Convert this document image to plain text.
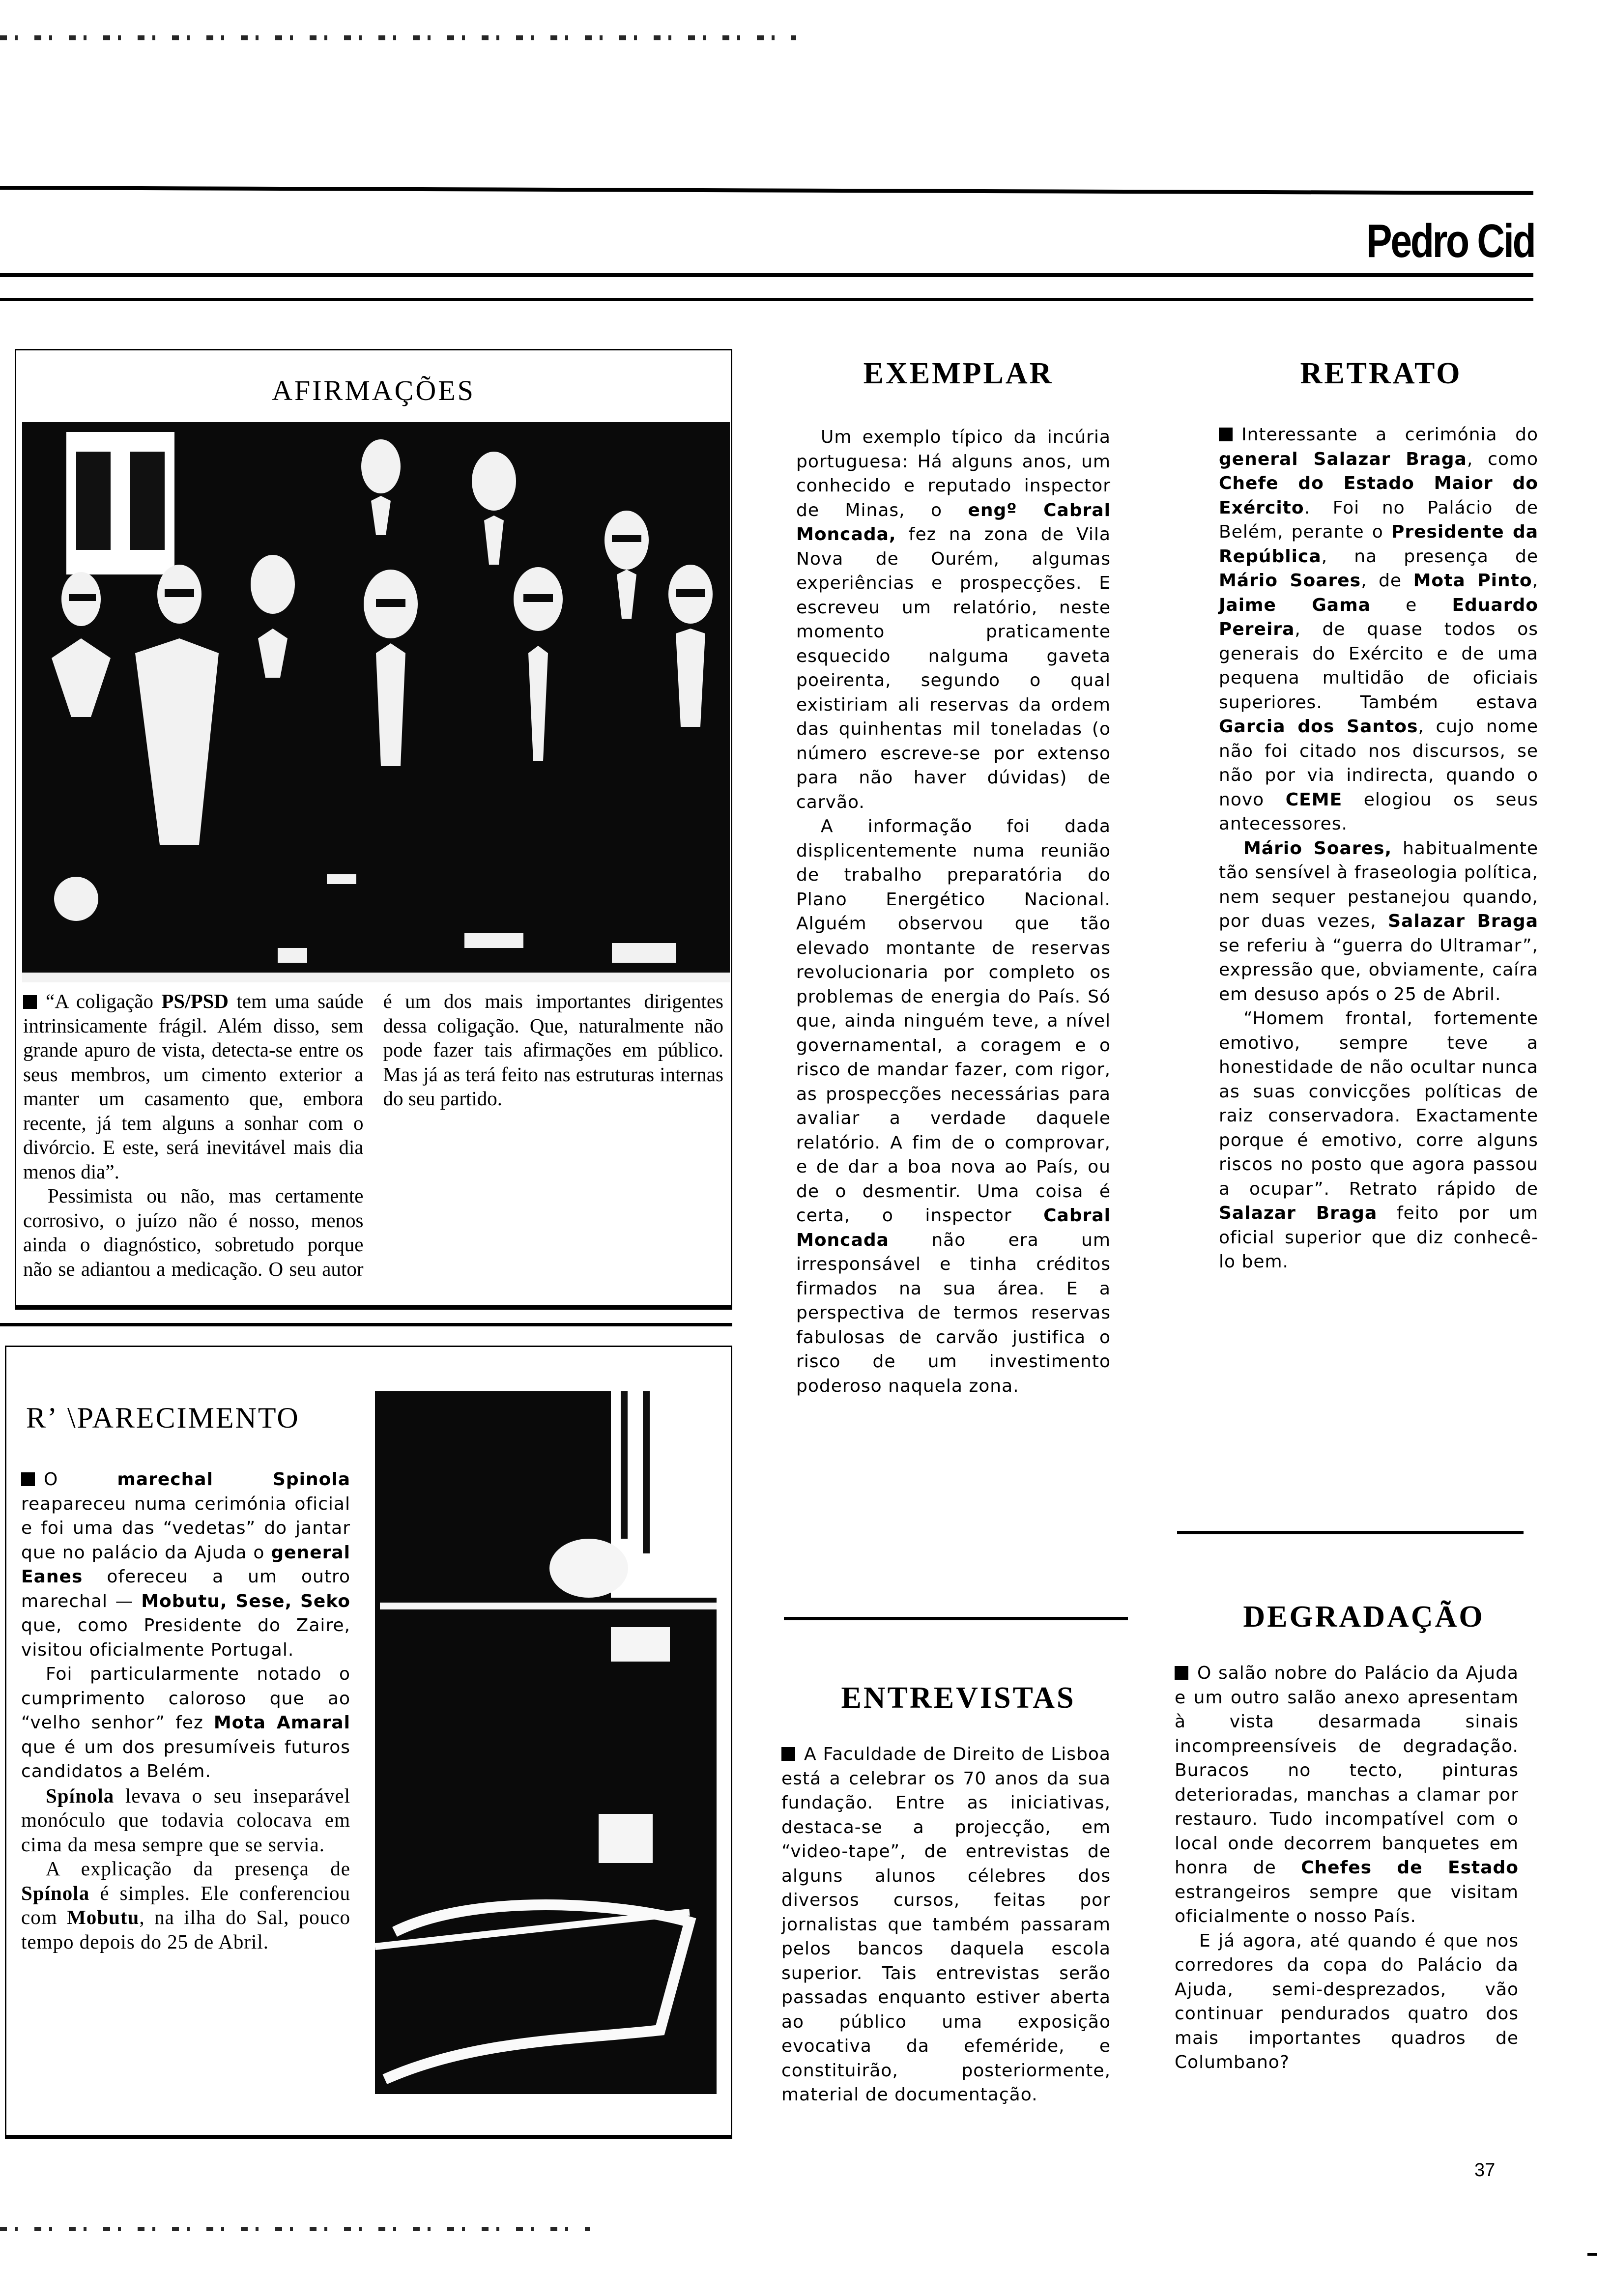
Pedro Cid
AFIRMAÇÕES

“A coligação PS/PSD tem uma saúde intrinsicamente frágil. Além disso, sem grande apuro de vista, detecta-se entre os seus membros, um cimento exterior a manter um casamento que, embora recente, já tem alguns a sonhar com o divórcio. E este, será inevitável mais dia menos dia”.

Pessimista ou não, mas certamente corrosivo, o juízo não é nosso, menos ainda o diagnóstico, sobretudo porque não se adiantou a medicação. O seu autor é um dos mais importantes dirigentes dessa coligação. Que, naturalmente não pode fazer tais afirmações em público. Mas já as terá feito nas estruturas internas do seu partido.

Rʼ \PARECIMENTO

O marechal Spinola reapareceu numa cerimónia oficial e foi uma das “vedetas” do jantar que no palácio da Ajuda o general Eanes ofereceu a um outro marechal — Mobutu, Sese, Seko que, como Presidente do Zaire, visitou oficialmente Portugal.

Foi particularmente notado o cumprimento caloroso que ao “velho senhor” fez Mota Amaral que é um dos presumíveis futuros candidatos a Belém.

Spínola levava o seu inseparável monóculo que todavia colocava em cima da mesa sempre que se servia.

A explicação da presença de Spínola é simples. Ele conferenciou com Mobutu, na ilha do Sal, pouco tempo depois do 25 de Abril.

EXEMPLAR

Um exemplo típico da incúria portuguesa: Há alguns anos, um conhecido e reputado inspector de Minas, o engº Cabral Moncada, fez na zona de Vila Nova de Ourém, algumas experiências e prospecções. E escreveu um relatório, neste momento praticamente esquecido nalguma gaveta poeirenta, segundo o qual existiriam ali reservas da ordem das quinhentas mil toneladas (o número escreve-se por extenso para não haver dúvidas) de carvão.

A informação foi dada displicentemente numa reunião de trabalho preparatória do Plano Energético Nacional. Alguém observou que tão elevado montante de reservas revolucionaria por completo os problemas de energia do País. Só que, ainda ninguém teve, a nível governamental, a coragem e o risco de mandar fazer, com rigor, as prospecções necessárias para avaliar a verdade daquele relatório. A fim de o comprovar, e de dar a boa nova ao País, ou de o desmentir. Uma coisa é certa, o inspector Cabral Moncada não era um irresponsável e tinha créditos firmados na sua área. E a perspectiva de termos reservas fabulosas de carvão justifica o risco de um investimento poderoso naquela zona.

ENTREVISTAS

A Faculdade de Direito de Lisboa está a celebrar os 70 anos da sua fundação. Entre as iniciativas, destaca-se a projecção, em “video-tape”, de entrevistas de alguns alunos célebres dos diversos cursos, feitas por jornalistas que também passaram pelos bancos daquela escola superior. Tais entrevistas serão passadas enquanto estiver aberta ao público uma exposição evocativa da efeméride, e constituirão, posteriormente, material de documentação.

RETRATO

Interessante a cerimónia do general Salazar Braga, como Chefe do Estado Maior do Exército. Foi no Palácio de Belém, perante o Presidente da República, na presença de Mário Soares, de Mota Pinto, Jaime Gama e Eduardo Pereira, de quase todos os generais do Exército e de uma pequena multidão de oficiais superiores. Também estava Garcia dos Santos, cujo nome não foi citado nos discursos, se não por via indirecta, quando o novo CEME elogiou os seus antecessores.

Mário Soares, habitualmente tão sensível à fraseologia política, nem sequer pestanejou quando, por duas vezes, Salazar Braga se referiu à “guerra do Ultramar”, expressão que, obviamente, caíra em desuso após o 25 de Abril.

“Homem frontal, fortemente emotivo, sempre teve a honestidade de não ocultar nunca as suas convicções políticas de raiz conservadora. Exactamente porque é emotivo, corre alguns riscos no posto que agora passou a ocupar”. Retrato rápido de Salazar Braga feito por um oficial superior que diz conhecê-lo bem.

DEGRADAÇÃO

O salão nobre do Palácio da Ajuda e um outro salão anexo apresentam à vista desarmada sinais incompreensíveis de degradação. Buracos no tecto, pinturas deterioradas, manchas a clamar por restauro. Tudo incompatível com o local onde decorrem banquetes em honra de Chefes de Estado estrangeiros sempre que visitam oficialmente o nosso País.

E já agora, até quando é que nos corredores da copa do Palácio da Ajuda, semi-desprezados, vão continuar pendurados quatro dos mais importantes quadros de Columbano?

37
